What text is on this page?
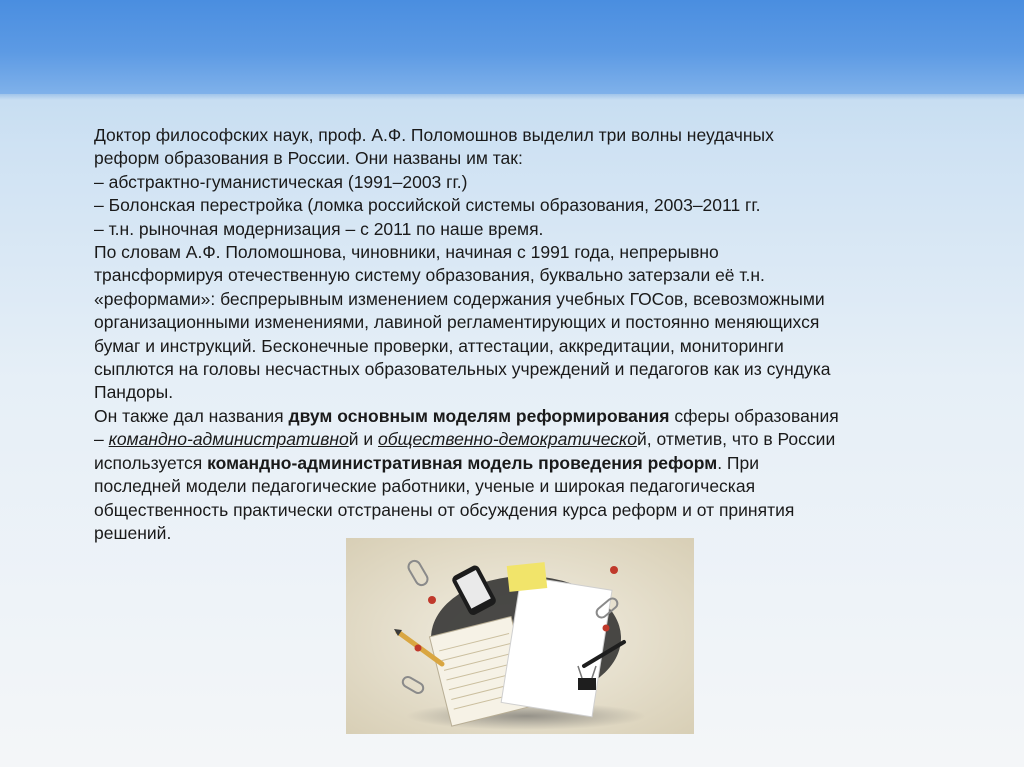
Доктор философских наук, проф. А.Ф. Поломошнов выделил три волны неудачных

реформ образования в России. Они названы им так:

– абстрактно-гуманистическая (1991–2003 гг.)

– Болонская перестройка (ломка российской системы образования, 2003–2011 гг.

– т.н. рыночная модернизация – с 2011 по наше время.

По словам А.Ф. Поломошнова, чиновники, начиная с 1991 года, непрерывно

трансформируя отечественную систему образования, буквально затерзали её т.н.

«реформами»: беспрерывным изменением содержания учебных ГОСов, всевозможными

организационными изменениями, лавиной регламентирующих и постоянно меняющихся

бумаг и инструкций. Бесконечные проверки, аттестации, аккредитации, мониторинги

сыплются на головы несчастных образовательных учреждений и педагогов как из сундука

Пандоры.

Он также дал названия двум основным моделям реформирования сферы образования

– командно-административной и общественно-демократической, отметив, что в России

используется командно-административная модель проведения реформ. При

последней модели педагогические работники, ученые и широкая педагогическая

общественность практически отстранены от обсуждения курса реформ и от принятия

решений.
